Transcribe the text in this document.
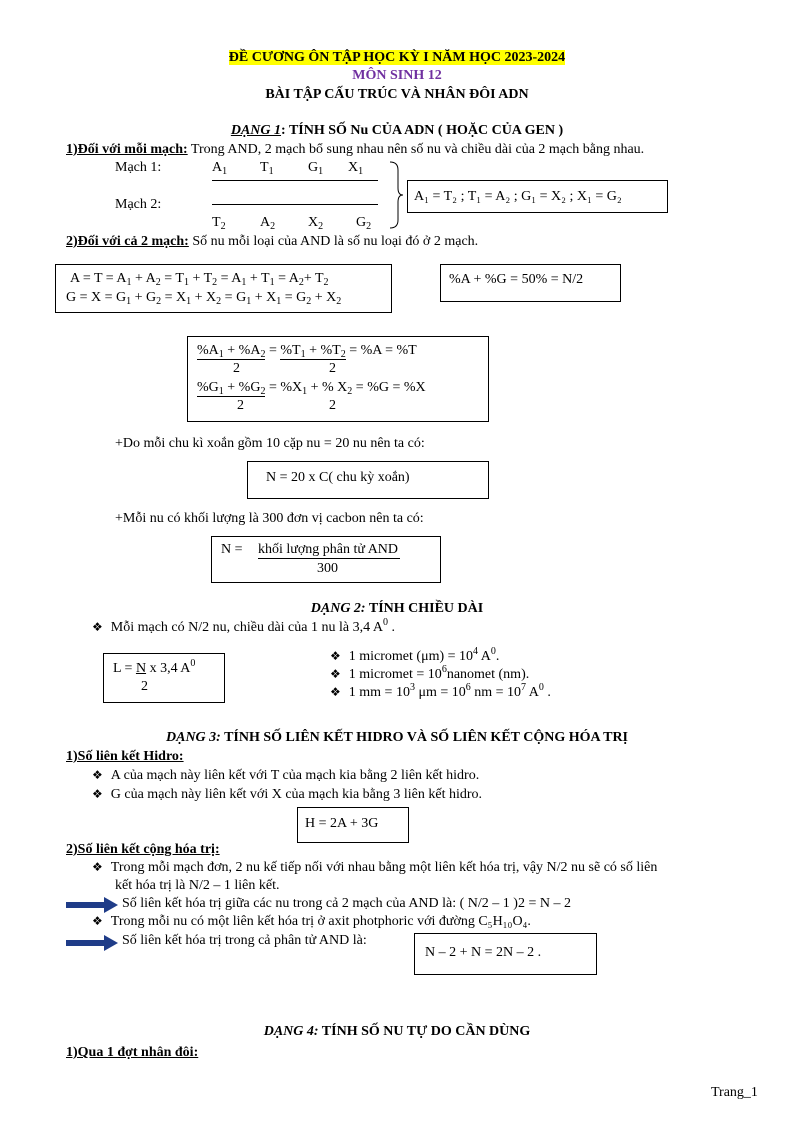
ĐỀ CƯƠNG ÔN TẬP HỌC KỲ I NĂM HỌC 2023-2024
MÔN SINH 12
BÀI TẬP CẤU TRÚC VÀ NHÂN ĐÔI ADN
DẠNG 1: TÍNH SỐ Nu CỦA ADN ( HOẶC CỦA GEN )
1)Đối với mỗi mạch: Trong AND, 2 mạch bổ sung nhau nên số nu và chiều dài của 2 mạch bằng nhau.
Mạch 1:	$A_1$ $T_1$ $G_1$ $X_1$
Mạch 2:
$T_2$ $A_2$ $X_2$ $G_2$
A₁ = T₂ ; T₁ = A₂ ; G₁ = X₂ ; X₁ = G₂
2)Đối với cả 2 mạch: Số nu mỗi loại của AND là số nu loại đó ở 2 mạch.
$A = T = A_1 + A_2 = T_1 + T_2 = A_1 + T_1 = A_2+ T_2$
$G = X = G_1 + G_2 = X_1 + X_2 = G_1 + X_1 = G_2 + X_2$
%A + %G = 50% = N/2
$\%A_1 + \%A_2 = \%T_1 + \%T_2 = \%A = \%T$
2	2
$\%G_1 + \%G_2 = \%X_1$ + % $X_2 = \%G = \%X$
2	2
+Do mỗi chu kì xoắn gồm 10 cặp nu = 20 nu nên ta có:
N = 20 x C( chu kỳ xoắn)
+Mỗi nu có khối lượng là 300 đơn vị cacbon nên ta có:
N = khối lượng phân tử AND
300
DẠNG 2: TÍNH CHIỀU DÀI
❖ Mỗi mạch có N/2 nu, chiều dài của 1 nu là 3,4 $A^0$ .
L = N x 3,4 $A^0$
2
❖ 1 micromet $(\mu m) = 10^4$ $A^0$.
❖ 1 micromet = $10^6nanomet$ (nm).
❖ 1 mm = $10^3$ $\mu m = 10^6$ nm = $10^7$ $A^0$ .
DẠNG 3: TÍNH SỐ LIÊN KẾT HIDRO VÀ SỐ LIÊN KẾT CỘNG HÓA TRỊ
1)Số liên kết Hidro:
❖ A của mạch này liên kết với T của mạch kia bằng 2 liên kết hidro.
❖ G của mạch này liên kết với X của mạch kia bằng 3 liên kết hidro.
H = 2A + 3G
2)Số liên kết cộng hóa trị:
❖ Trong mỗi mạch đơn, 2 nu kế tiếp nối với nhau bằng một liên kết hóa trị, vậy N/2 nu sẽ có số liên
kết hóa trị là N/2 – 1 liên kết.
Số liên kết hóa trị giữa các nu trong cả 2 mạch của AND là: ( N/2 – 1 )2 = N – 2
❖ Trong mỗi nu có một liên kết hóa trị ở axit photphoric với đường C₅H₁₀O₄.
Số liên kết hóa trị trong cả phân tử AND là:
N – 2 + N = 2N – 2 .
DẠNG 4: TÍNH SỐ NU TỰ DO CẦN DÙNG
1)Qua 1 đợt nhân đôi:
Trang_1
